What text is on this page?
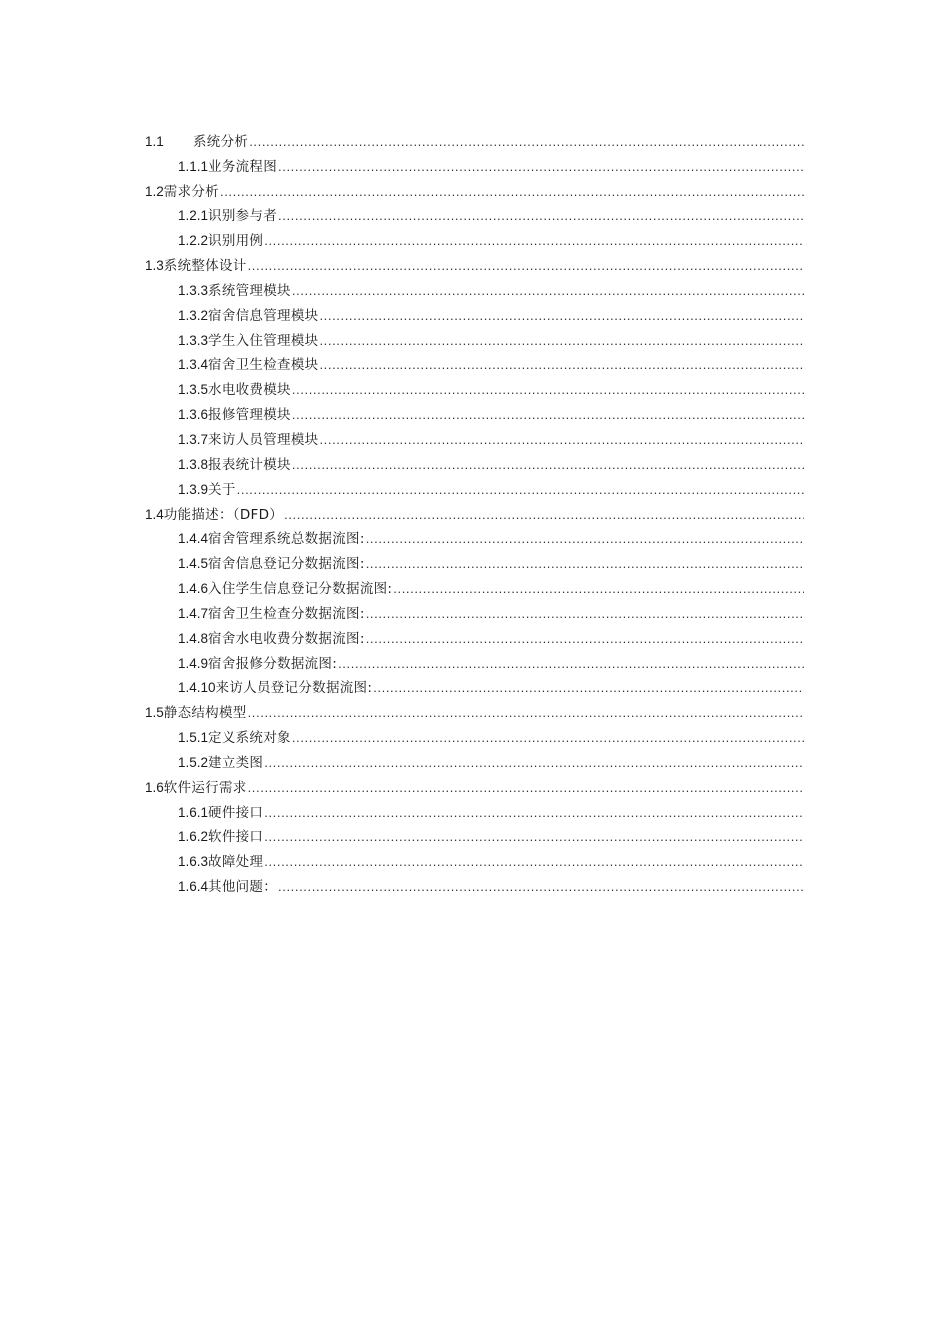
1.1	系统分析
.....
1.1.1 业务流程图
.....
1.2 需求分析
.....
1.2.1 识别参与者
.....
1.2.2 识别用例
.....
1.3 系统整体设计
.....
1.3.3 系统管理模块
.....
1.3.2 宿舍信息管理模块
.....
1.3.3 学生入住管理模块
.....
1.3.4 宿舍卫生检查模块
.....
1.3.5 水电收费模块
.....
1.3.6 报修管理模块
.....
1.3.7 来访人员管理模块
.....
1.3.8 报表统计模块
.....
1.3.9 关于
.....
1.4 功能描述：（DFD）
.....
1.4.4 宿舍管理系统总数据流图:
.....
1.4.5 宿舍信息登记分数据流图:
.....
1.4.6 入住学生信息登记分数据流图:
.....
1.4.7 宿舍卫生检查分数据流图:
.....
1.4.8 宿舍水电收费分数据流图:
.....
1.4.9 宿舍报修分数据流图:
.....
1.4.10 来访人员登记分数据流图:
.....
1.5 静态结构模型
.....
1.5.1 定义系统对象
.....
1.5.2 建立类图
.....
1.6 软件运行需求
.....
1.6.1 硬件接口
.....
1.6.2 软件接口
.....
1.6.3 故障处理
.....
1.6.4 其他问题：
.....
